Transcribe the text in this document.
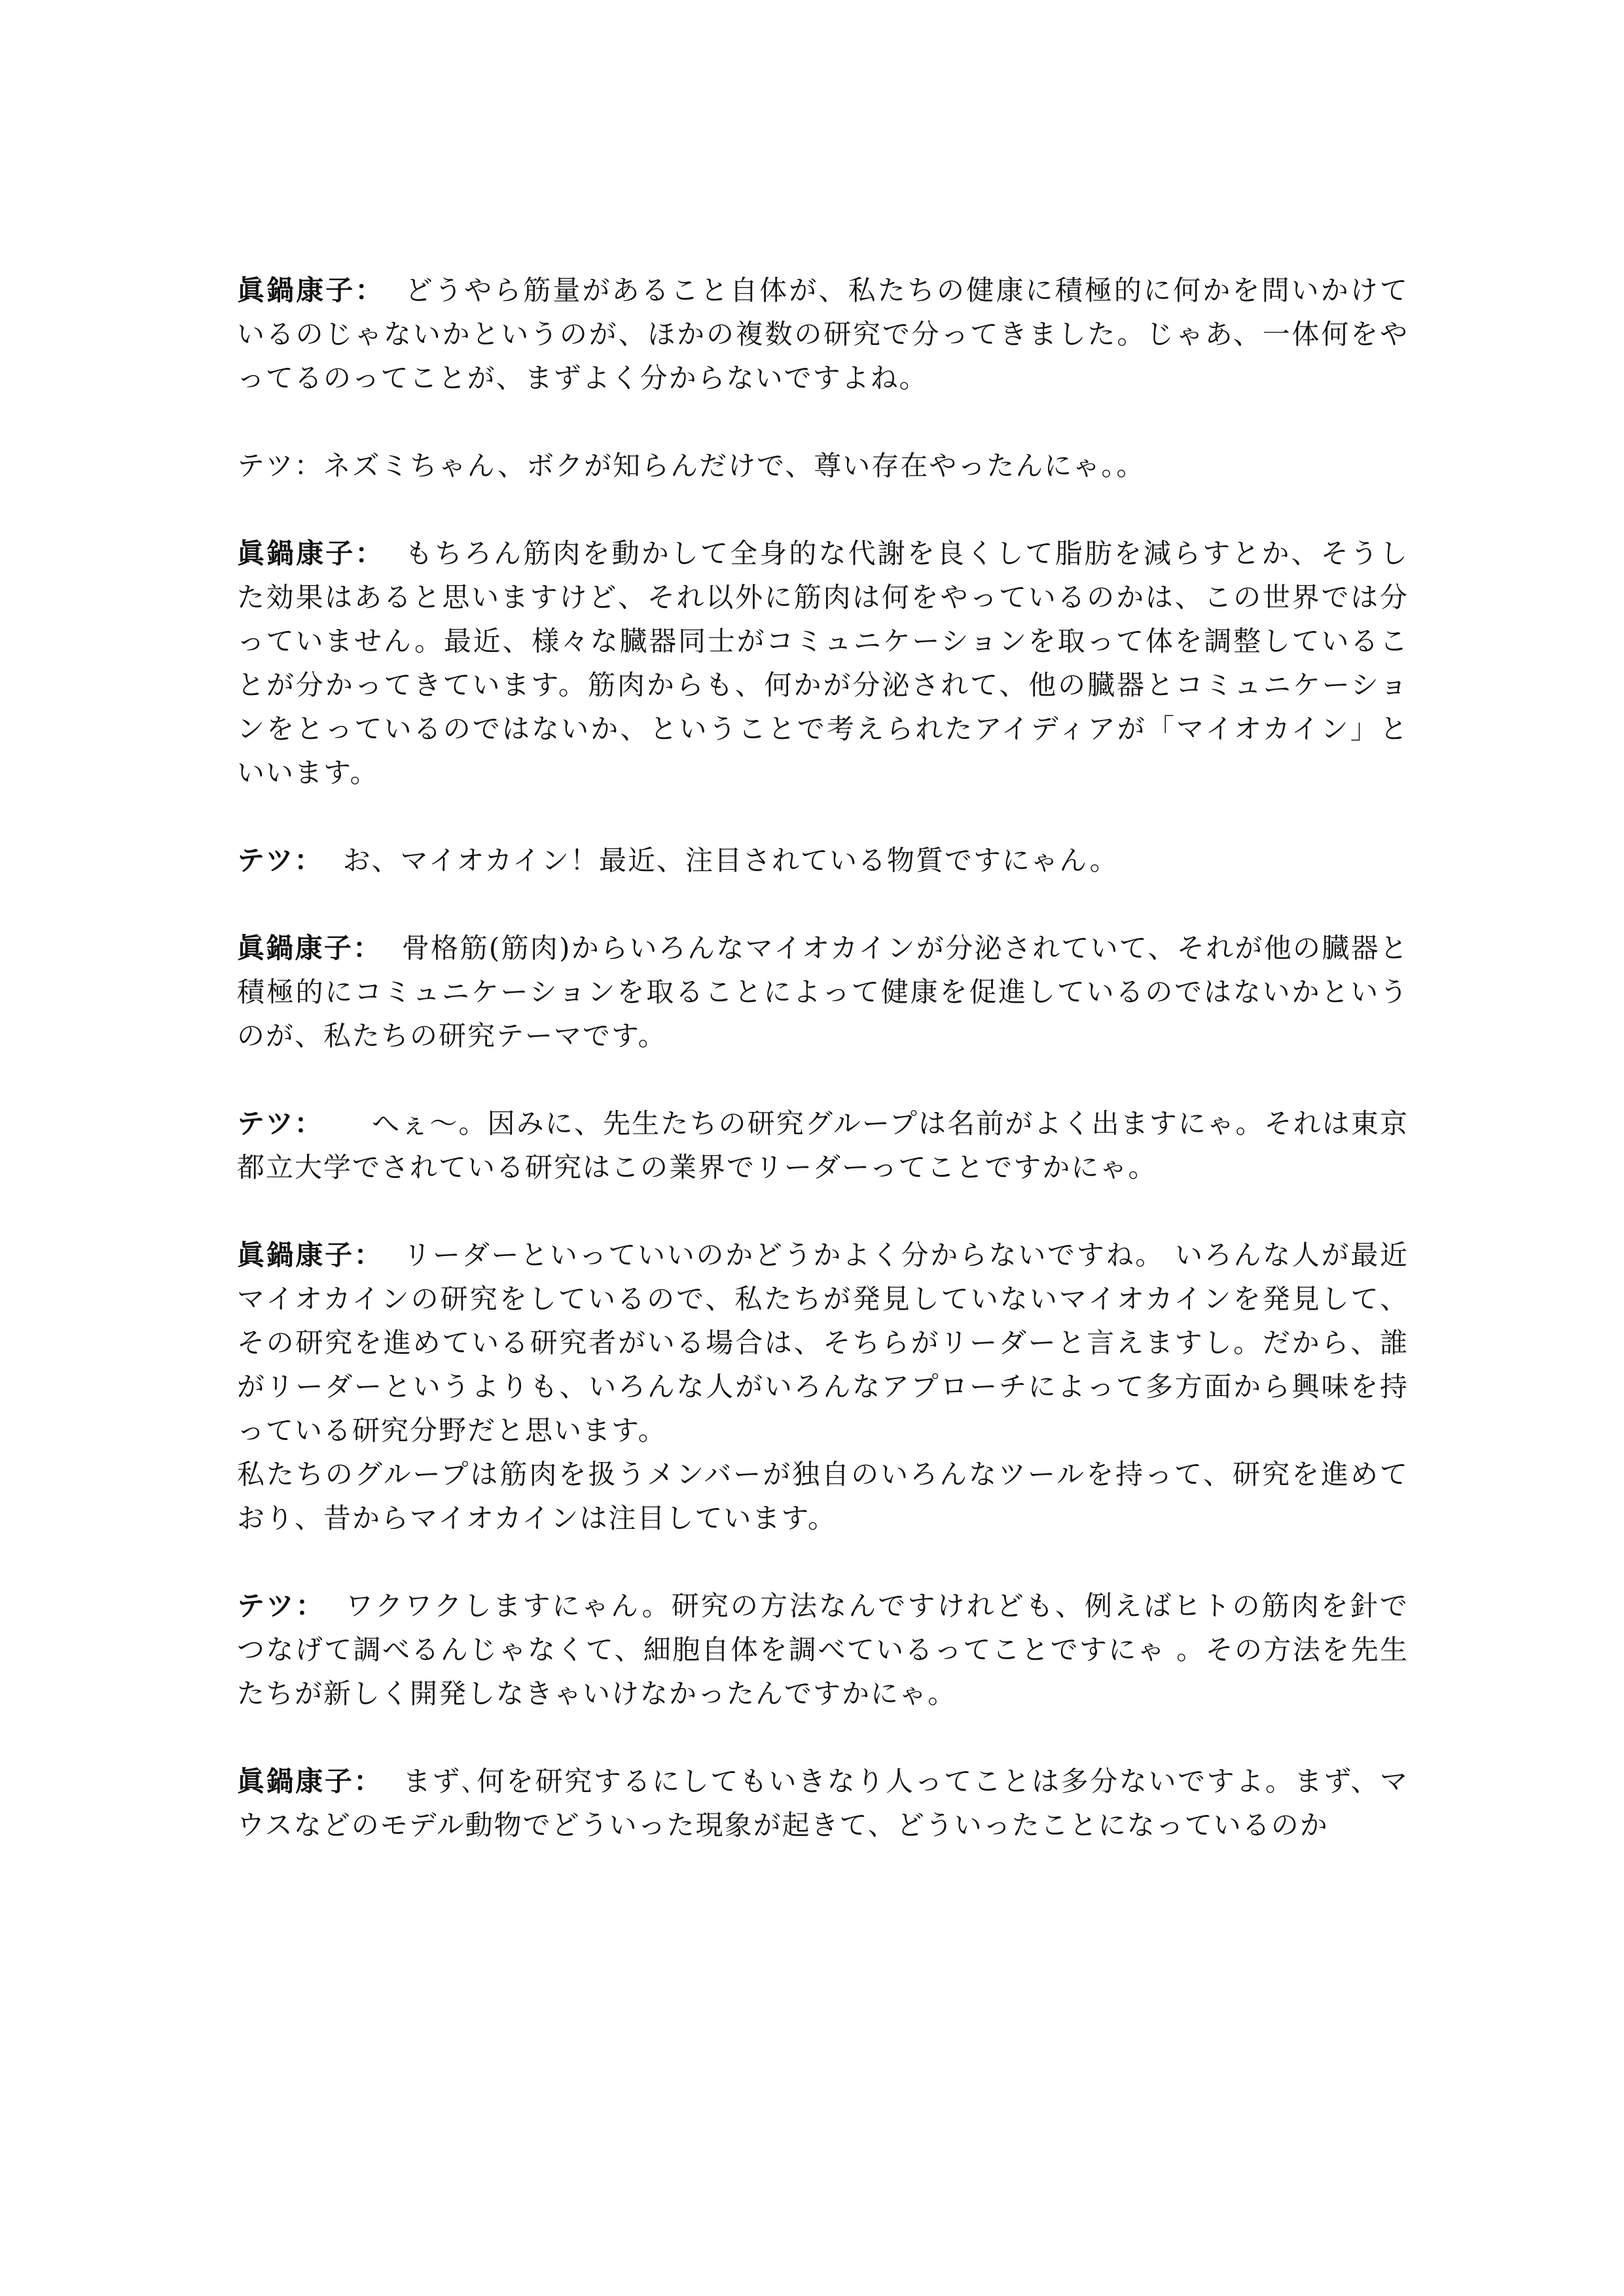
眞鍋康子： どうやら筋量があること自体が、私たちの健康に積極的に何かを問いかけているのじゃないかというのが、ほかの複数の研究で分ってきました。じゃあ、一体何をやってるのってことが、まずよく分からないですよね。

テツ：ネズミちゃん、ボクが知らんだけで、尊い存在やったんにゃ。。

眞鍋康子： もちろん筋肉を動かして全身的な代謝を良くして脂肪を減らすとか、そうした効果はあると思いますけど、それ以外に筋肉は何をやっているのかは、この世界では分っていません。最近、様々な臓器同士がコミュニケーションを取って体を調整していることが分かってきています。筋肉からも、何かが分泌されて、他の臓器とコミュニケーションをとっているのではないか、ということで考えられたアイディアが「マイオカイン」といいます。

テツ： お、マイオカイン！最近、注目されている物質ですにゃん。

眞鍋康子： 骨格筋(筋肉)からいろんなマイオカインが分泌されていて、それが他の臓器と積極的にコミュニケーションを取ることによって健康を促進しているのではないかというのが、私たちの研究テーマです。

テツ：　へぇ〜。因みに、先生たちの研究グループは名前がよく出ますにゃ。それは東京都立大学でされている研究はこの業界でリーダーってことですかにゃ。

眞鍋康子： リーダーといっていいのかどうかよく分からないですね。 いろんな人が最近マイオカインの研究をしているので、私たちが発見していないマイオカインを発見して、その研究を進めている研究者がいる場合は、そちらがリーダーと言えますし。だから、誰がリーダーというよりも、いろんな人がいろんなアプローチによって多方面から興味を持っている研究分野だと思います。

私たちのグループは筋肉を扱うメンバーが独自のいろんなツールを持って、研究を進めており、昔からマイオカインは注目しています。

テツ： ワクワクしますにゃん。研究の方法なんですけれども、例えばヒトの筋肉を針でつなげて調べるんじゃなくて、細胞自体を調べているってことですにゃ 。その方法を先生たちが新しく開発しなきゃいけなかったんですかにゃ。

眞鍋康子： まず､何を研究するにしてもいきなり人ってことは多分ないですよ。まず、マウスなどのモデル動物でどういった現象が起きて、どういったことになっているのか
